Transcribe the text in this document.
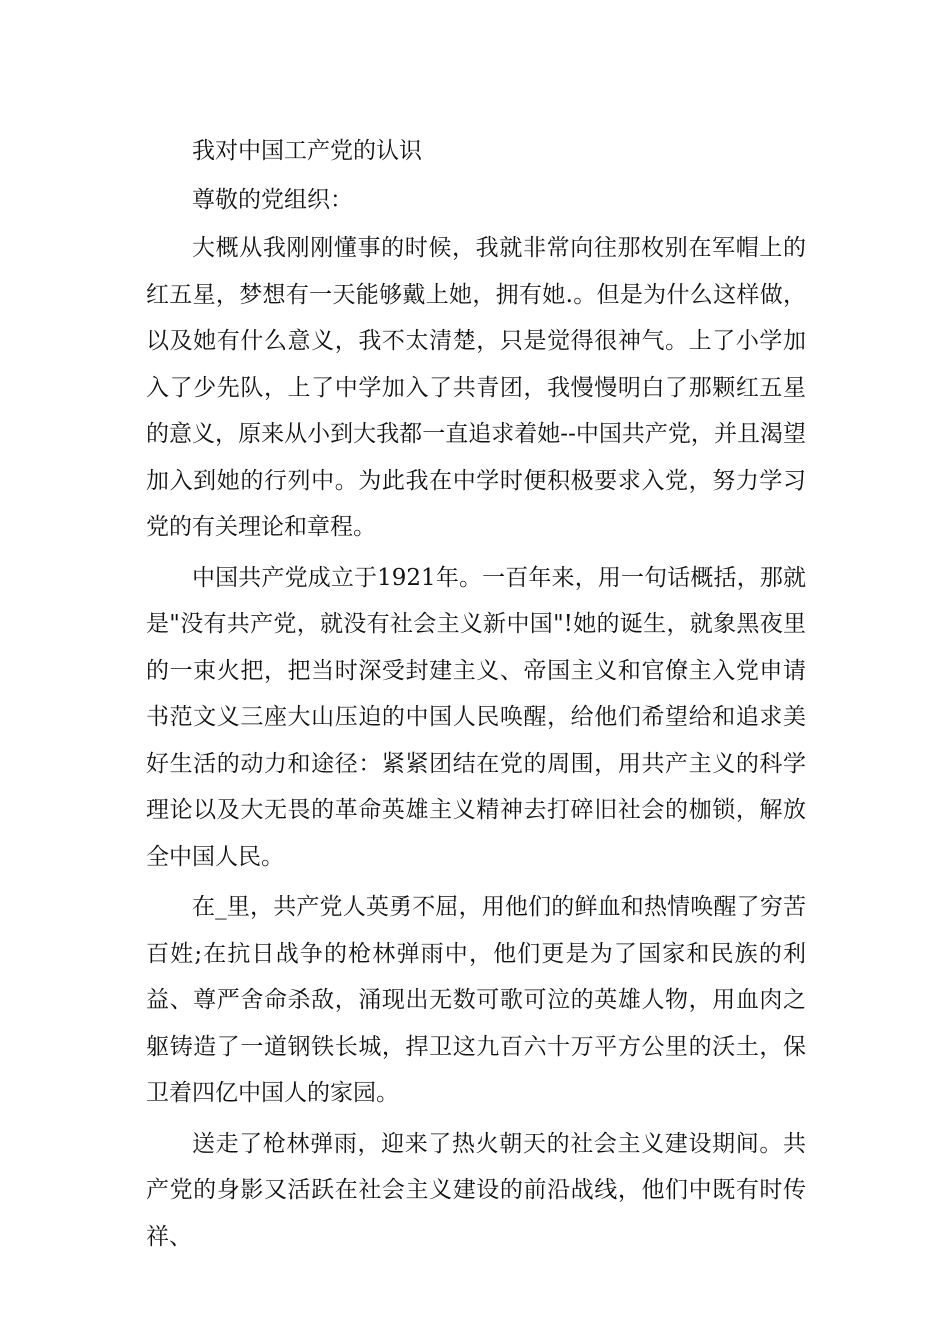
我对中国工产党的认识

尊敬的党组织：

大概从我刚刚懂事的时候，我就非常向往那枚别在军帽上的红五星，梦想有一天能够戴上她，拥有她.。但是为什么这样做，以及她有什么意义，我不太清楚，只是觉得很神气。上了小学加入了少先队，上了中学加入了共青团，我慢慢明白了那颗红五星的意义，原来从小到大我都一直追求着她--中国共产党，并且渴望加入到她的行列中。为此我在中学时便积极要求入党，努力学习党的有关理论和章程。

中国共产党成立于1921年。一百年来，用一句话概括，那就是"没有共产党，就没有社会主义新中国"!她的诞生，就象黑夜里的一束火把，把当时深受封建主义、帝国主义和官僚主入党申请书范文义三座大山压迫的中国人民唤醒，给他们希望给和追求美好生活的动力和途径：紧紧团结在党的周围，用共产主义的科学理论以及大无畏的革命英雄主义精神去打碎旧社会的枷锁，解放全中国人民。

在_里，共产党人英勇不屈，用他们的鲜血和热情唤醒了穷苦百姓;在抗日战争的枪林弹雨中，他们更是为了国家和民族的利益、尊严舍命杀敌，涌现出无数可歌可泣的英雄人物，用血肉之躯铸造了一道钢铁长城，捍卫这九百六十万平方公里的沃土，保卫着四亿中国人的家园。

送走了枪林弹雨，迎来了热火朝天的社会主义建设期间。共产党的身影又活跃在社会主义建设的前沿战线，他们中既有时传祥、
